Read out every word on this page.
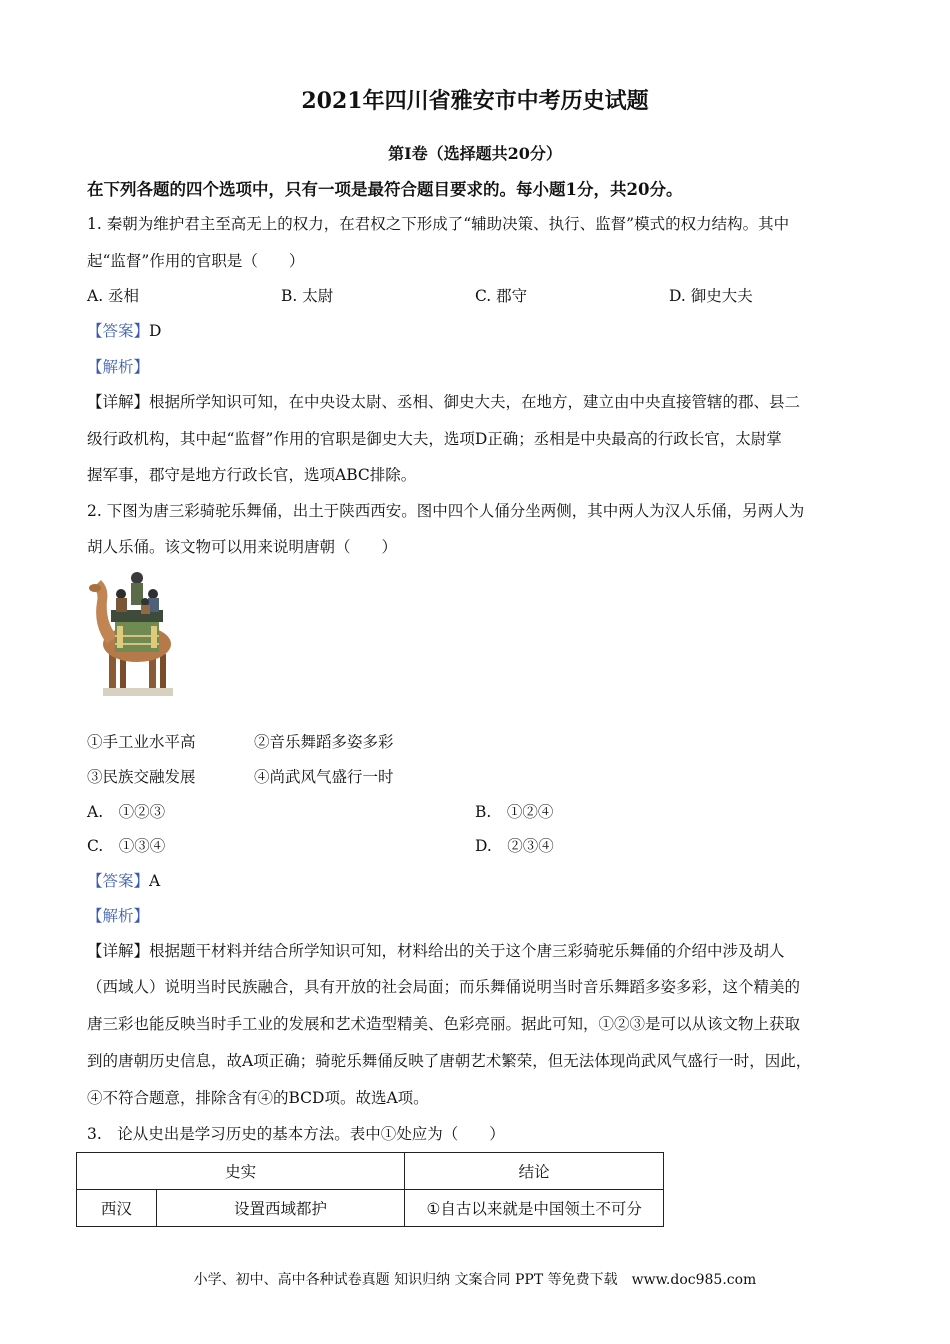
2021年四川省雅安市中考历史试题
第Ⅰ卷（选择题共20分）
在下列各题的四个选项中，只有一项是最符合题目要求的。每小题1分，共20分。
1. 秦朝为维护君主至高无上的权力，在君权之下形成了“辅助决策、执行、监督”模式的权力结构。其中
起“监督”作用的官职是（　　）
A. 丞相	B. 太尉	C. 郡守	D. 御史大夫
【答案】D
【解析】
【详解】根据所学知识可知，在中央设太尉、丞相、御史大夫，在地方，建立由中央直接管辖的郡、县二
级行政机构，其中起“监督”作用的官职是御史大夫，选项D正确；丞相是中央最高的行政长官，太尉掌
握军事，郡守是地方行政长官，选项ABC排除。
2. 下图为唐三彩骑驼乐舞俑，出土于陕西西安。图中四个人俑分坐两侧，其中两人为汉人乐俑，另两人为
胡人乐俑。该文物可以用来说明唐朝（　　）
①手工业水平高	②音乐舞蹈多姿多彩
③民族交融发展	④尚武风气盛行一时
A.　①②③	B.　①②④
C.　①③④	D.　②③④
【答案】A
【解析】
【详解】根据题干材料并结合所学知识可知，材料给出的关于这个唐三彩骑驼乐舞俑的介绍中涉及胡人
（西域人）说明当时民族融合，具有开放的社会局面；而乐舞俑说明当时音乐舞蹈多姿多彩，这个精美的
唐三彩也能反映当时手工业的发展和艺术造型精美、色彩亮丽。据此可知，①②③是可以从该文物上获取
到的唐朝历史信息，故A项正确；骑驼乐舞俑反映了唐朝艺术繁荣，但无法体现尚武风气盛行一时，因此，
④不符合题意，排除含有④的BCD项。故选A项。
3.　论从史出是学习历史的基本方法。表中①处应为（　　）
史实		结论
西汉	设置西域都护	①自古以来就是中国领土不可分
小学、初中、高中各种试卷真题 知识归纳 文案合同 PPT 等免费下载　www.doc985.com
